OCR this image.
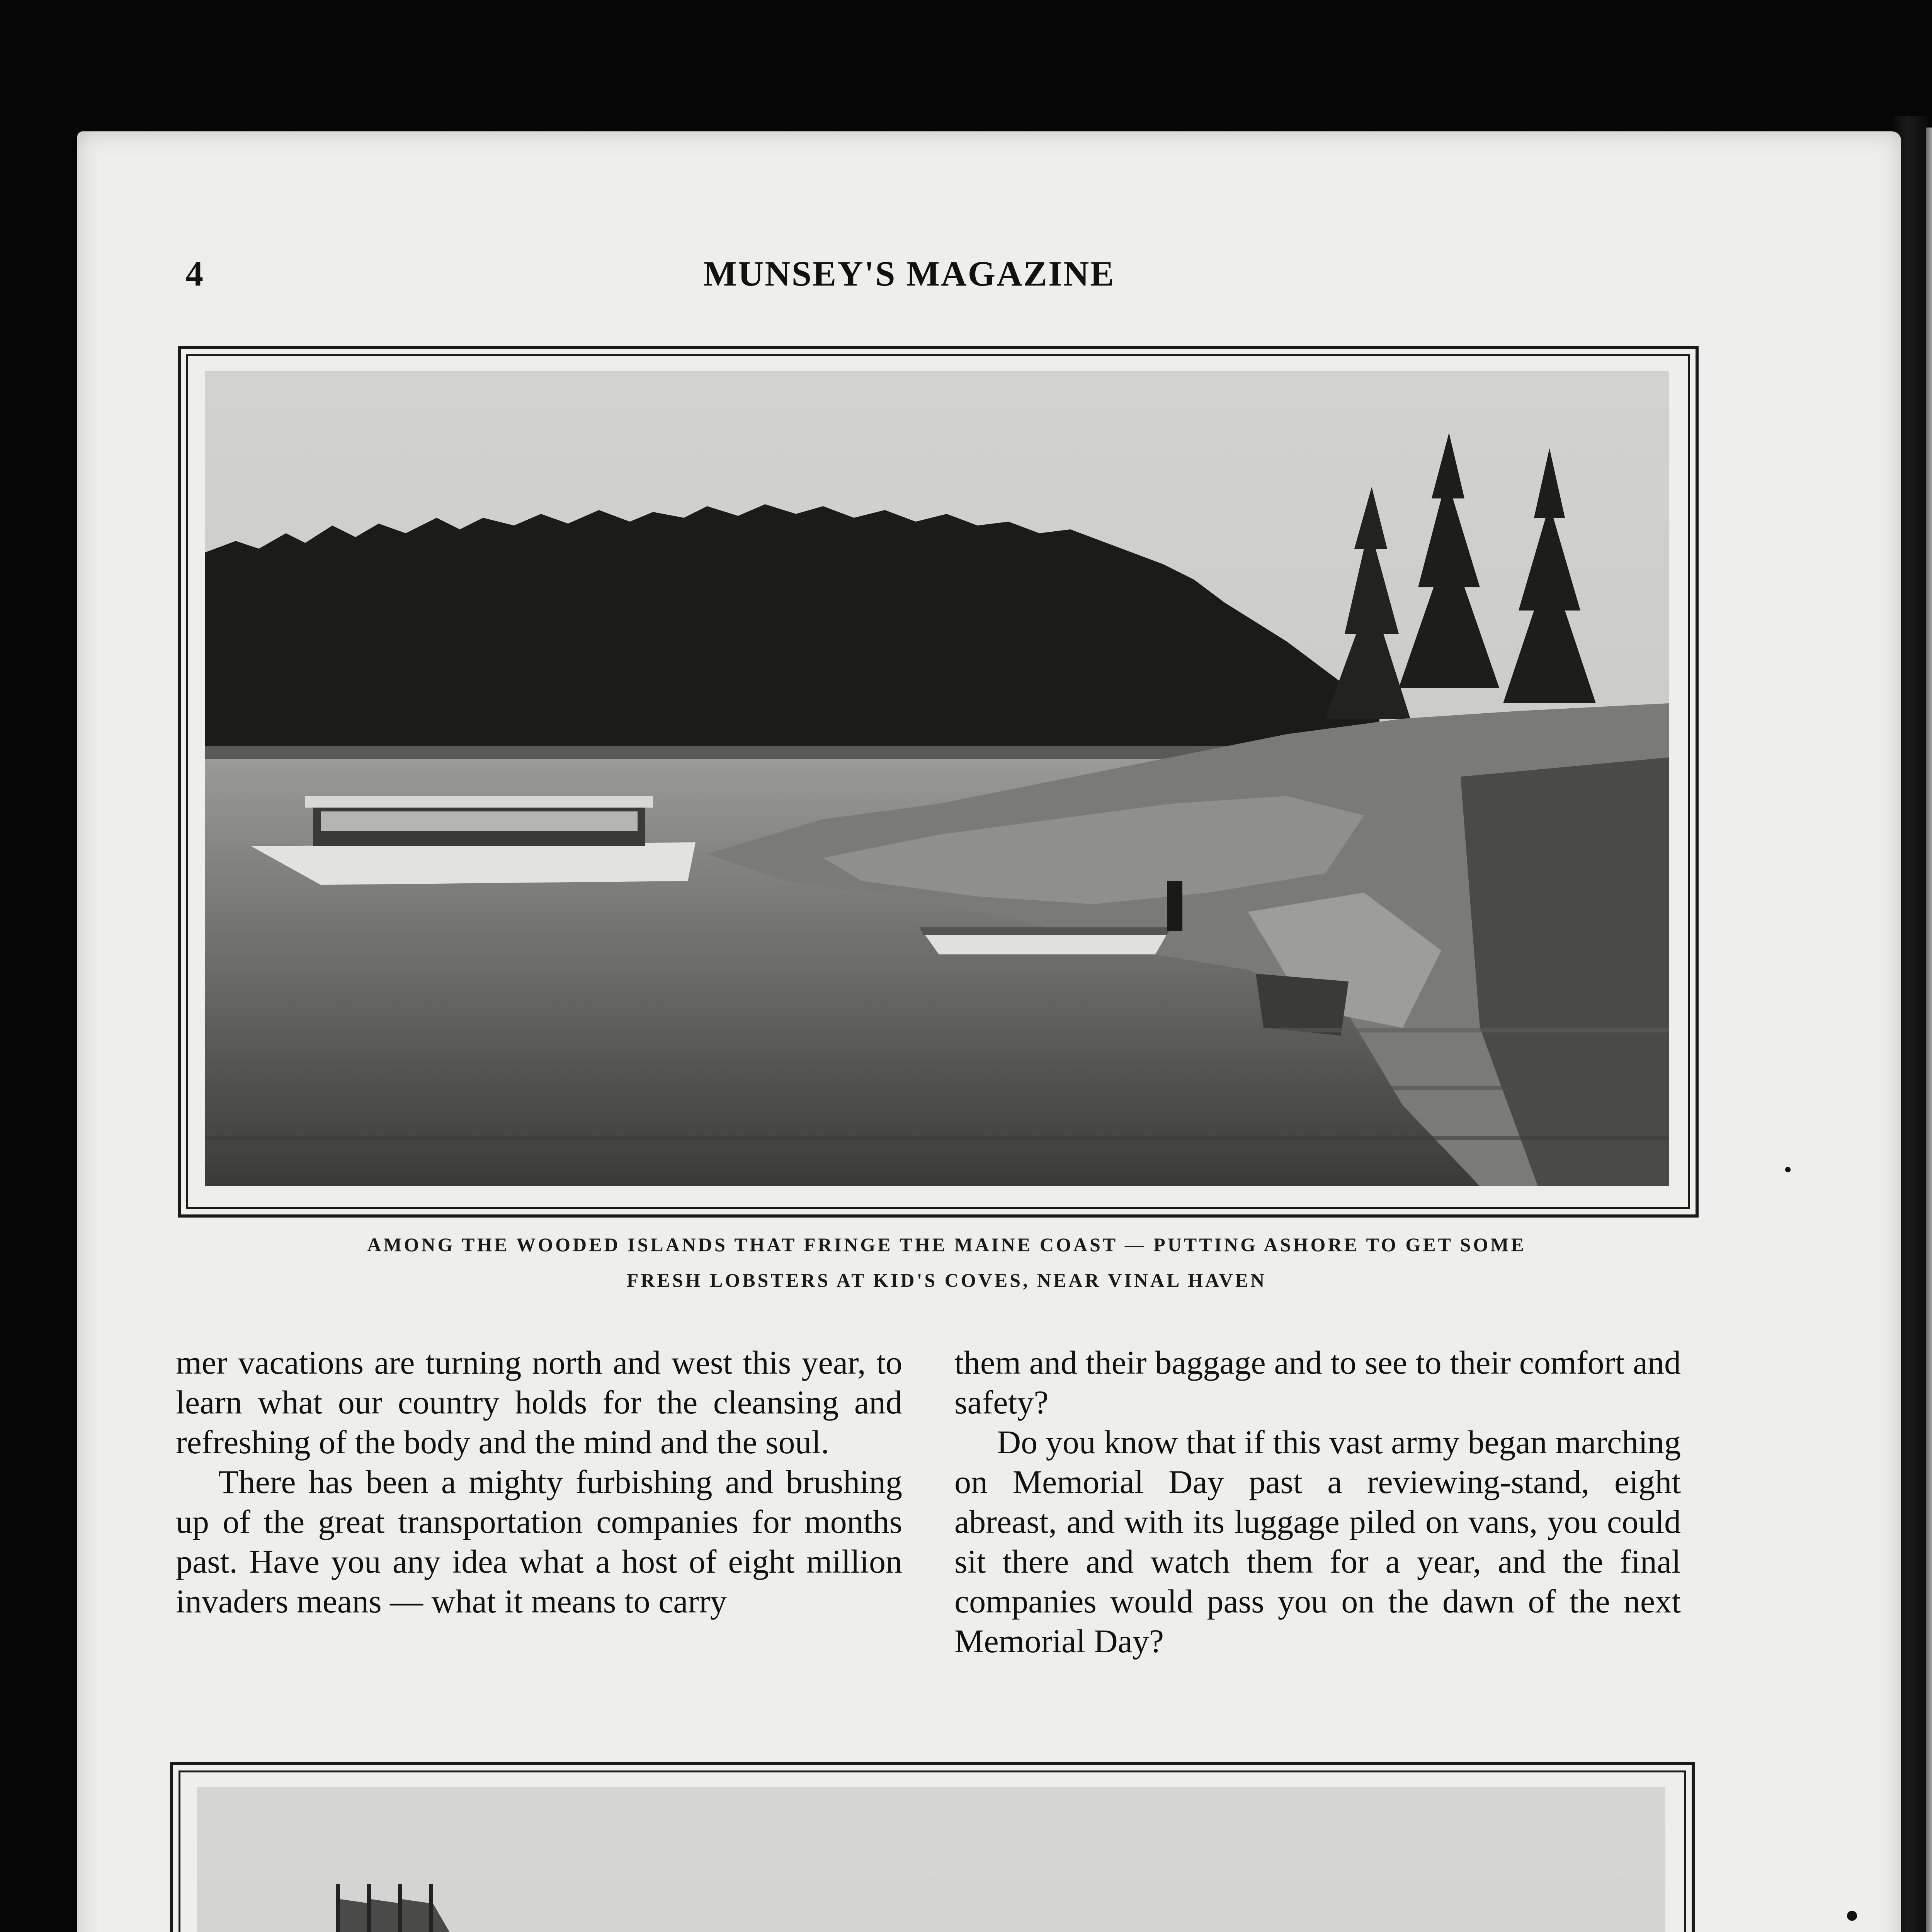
4	MUNSEY'S MAGAZINE
AMONG THE WOODED ISLANDS THAT FRINGE THE MAINE COAST — PUTTING ASHORE TO GET SOME
FRESH LOBSTERS AT KID'S COVES, NEAR VINAL HAVEN

mer vacations are turning north and west this year, to learn what our country holds for the cleansing and refreshing of the body and the mind and the soul.

There has been a mighty furbishing and brushing up of the great transportation companies for months past. Have you any idea what a host of eight million invaders means — what it means to carry

them and their baggage and to see to their comfort and safety?

Do you know that if this vast army began marching on Memorial Day past a reviewing-stand, eight abreast, and with its luggage piled on vans, you could sit there and watch them for a year, and the final companies would pass you on the dawn of the next Memorial Day?
